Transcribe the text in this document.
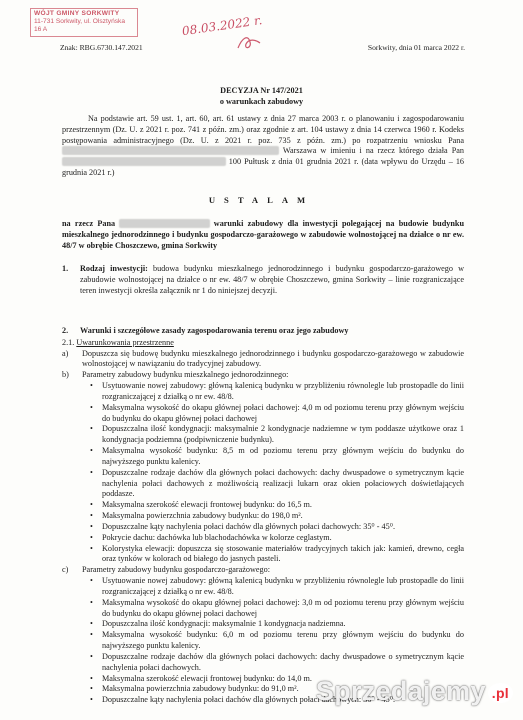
WÓJT GMINY SORKWITY
11-731 Sorkwity, ul. Olsztyńska 16 A	08.03.2022 r.
Znak: RBG.6730.147.2021	Sorkwity, dnia 01 marca 2022 r.
DECYZJA Nr 147/2021
o warunkach zabudowy
Na podstawie art. 59 ust. 1, art. 60, art. 61 ustawy z dnia 27 marca 2003 r. o planowaniu i zagospodarowaniu przestrzennym (Dz. U. z 2021 r. poz. 741 z późn. zm.) oraz zgodnie z art. 104 ustawy z dnia 14 czerwca 1960 r. Kodeks postępowania administracyjnego (Dz. U. z 2021 r. poz. 735 z późn. zm.) po rozpatrzeniu wniosku Pana Warszawa w imieniu i na rzecz którego działa Pan 100 Pułtusk z dnia 01 grudnia 2021 r. (data wpływu do Urzędu – 16 grudnia 2021 r.)
USTALAM
na rzecz Pana	warunki zabudowy dla inwestycji polegającej na budowie budynku mieszkalnego jednorodzinnego i budynku gospodarczo-garażowego w zabudowie wolnostojącej na działce o nr ew. 48/7 w obrębie Choszczewo, gmina Sorkwity
1.	Rodzaj inwestycji: budowa budynku mieszkalnego jednorodzinnego i budynku gospodarczo-garażowego w zabudowie wolnostojącej na działce o nr ew. 48/7 w obrębie Choszczewo, gmina Sorkwity – linie rozgraniczające teren inwestycji określa załącznik nr 1 do niniejszej decyzji.
2.	Warunki i szczegółowe zasady zagospodarowania terenu oraz jego zabudowy
2.1. Uwarunkowania przestrzenne
a)	Dopuszcza się budowę budynku mieszkalnego jednorodzinnego i budynku gospodarczo-garażowego w zabudowie wolnostojącej w nawiązaniu do tradycyjnej zabudowy.
b)	Parametry zabudowy budynku mieszkalnego jednorodzinnego:
• Usytuowanie nowej zabudowy: główną kalenicą budynku w przybliżeniu równolegle lub prostopadle do linii rozgraniczającej z działką o nr ew. 48/8.
• Maksymalna wysokość do okapu głównej połaci dachowej: 4,0 m od poziomu terenu przy głównym wejściu do budynku do okapu głównej połaci dachowej
• Dopuszczalna ilość kondygnacji: maksymalnie 2 kondygnacje nadziemne w tym poddasze użytkowe oraz 1 kondygnacja podziemna (podpiwniczenie budynku).
• Maksymalna wysokość budynku: 8,5 m od poziomu terenu przy głównym wejściu do budynku do najwyższego punktu kalenicy.
• Dopuszczalne rodzaje dachów dla głównych połaci dachowych: dachy dwuspadowe o symetrycznym kącie nachylenia połaci dachowych z możliwością realizacji lukarn oraz okien połaciowych doświetlających poddasze.
• Maksymalna szerokość elewacji frontowej budynku: do 16,5 m.
• Maksymalna powierzchnia zabudowy budynku: do 198,0 m².
• Dopuszczalne kąty nachylenia połaci dachów dla głównych połaci dachowych: 35⁰ - 45⁰.
• Pokrycie dachu: dachówka lub blachodachówka w kolorze ceglastym.
• Kolorystyka elewacji: dopuszcza się stosowanie materiałów tradycyjnych takich jak: kamień, drewno, cegła oraz tynków w kolorach od białego do jasnych pasteli.
c)	Parametry zabudowy budynku gospodarczo-garażowego:
• Usytuowanie nowej zabudowy: główną kalenicą budynku w przybliżeniu równolegle lub prostopadle do linii rozgraniczającej z działką o nr ew. 48/8.
• Maksymalna wysokość do okapu głównej połaci dachowej: 3,0 m od poziomu terenu przy głównym wejściu do budynku do okapu głównej połaci dachowej
• Dopuszczalna ilość kondygnacji: maksymalnie 1 kondygnacja nadziemna.
• Maksymalna wysokość budynku: 6,0 m od poziomu terenu przy głównym wejściu do budynku do najwyższego punktu kalenicy.
• Dopuszczalne rodzaje dachów dla głównych połaci dachowych: dachy dwuspadowe o symetrycznym kącie nachylenia połaci dachowych.
• Maksymalna szerokość elewacji frontowej budynku: do 14,0 m.
• Maksymalna powierzchnia zabudowy budynku: do 91,0 m².
• Dopuszczalne kąty nachylenia połaci dachów dla głównych połaci dachowych: 30⁰ - 45⁰.
Sprzedajemy .pl
